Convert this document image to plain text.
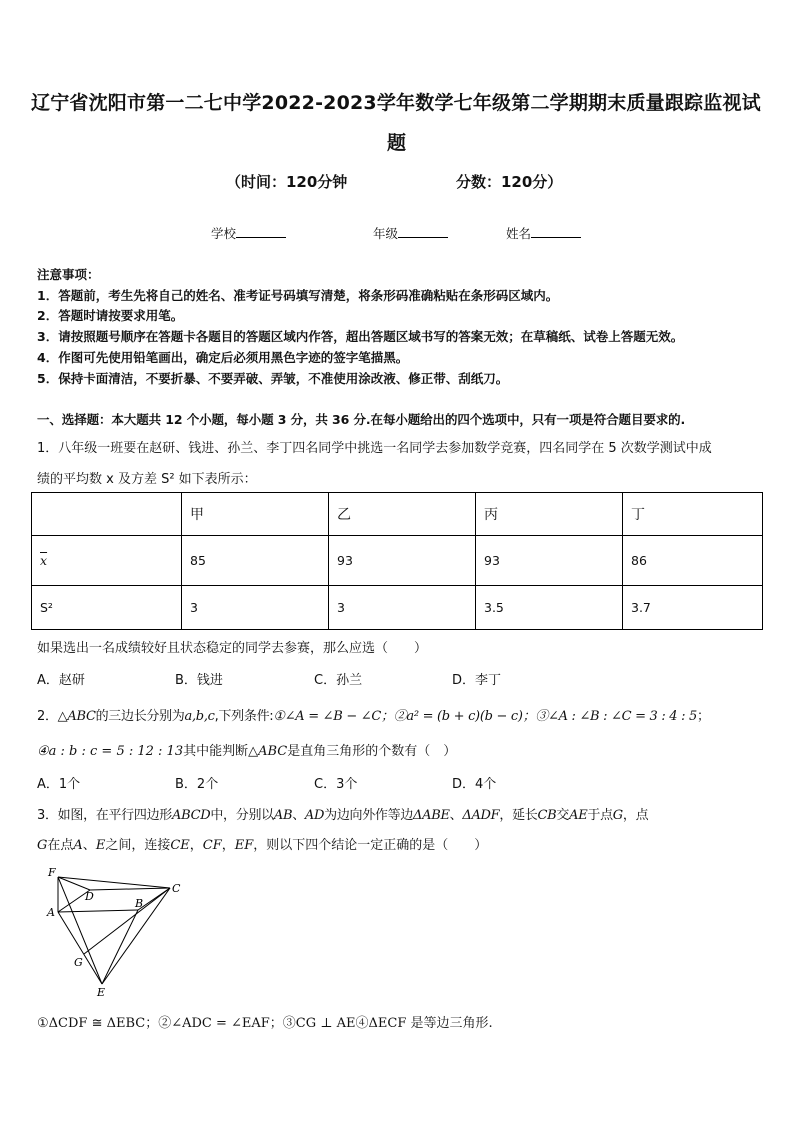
辽宁省沈阳市第一二七中学2022-2023学年数学七年级第二学期期末质量跟踪监视试
题
（时间：120分钟	分数：120分）
学校	年级	姓名
注意事项：
1．答题前，考生先将自己的姓名、准考证号码填写清楚，将条形码准确粘贴在条形码区域内。
2．答题时请按要求用笔。
3．请按照题号顺序在答题卡各题目的答题区域内作答，超出答题区域书写的答案无效；在草稿纸、试卷上答题无效。
4．作图可先使用铅笔画出，确定后必须用黑色字迹的签字笔描黑。
5．保持卡面清洁，不要折暴、不要弄破、弄皱，不准使用涂改液、修正带、刮纸刀。
一、选择题：本大题共 12 个小题，每小题 3 分，共 36 分.在每小题给出的四个选项中，只有一项是符合题目要求的.
1．八年级一班要在赵研、钱进、孙兰、李丁四名同学中挑选一名同学去参加数学竞赛，四名同学在 5 次数学测试中成
绩的平均数 x 及方差 S² 如下表所示：
	甲	乙	丙	丁
$\overline{x}$	85	93	93	86
S²	3	3	3.5	3.7
如果选出一名成绩较好且状态稳定的同学去参赛，那么应选（　　）
A．赵研	B．钱进	C．孙兰	D．李丁
2．△ABC的三边长分别为a,b,c,下列条件:①∠A = ∠B − ∠C；②a² = (b + c)(b − c)；③∠A : ∠B : ∠C = 3 : 4 : 5；
④a : b : c = 5 : 12 : 13其中能判断△ABC是直角三角形的个数有（　）
A．1个	B．2个	C．3个	D．4个
3．如图，在平行四边形ABCD中，分别以AB、AD为边向外作等边ΔABE、ΔADF，延长CB交AE于点G，点
G在点A、E之间，连接CE，CF，EF，则以下四个结论一定正确的是（　　）
F
D
C
A
B
G
E
①ΔCDF ≅ ΔEBC；②∠ADC = ∠EAF；③CG ⊥ AE④ΔECF 是等边三角形.
